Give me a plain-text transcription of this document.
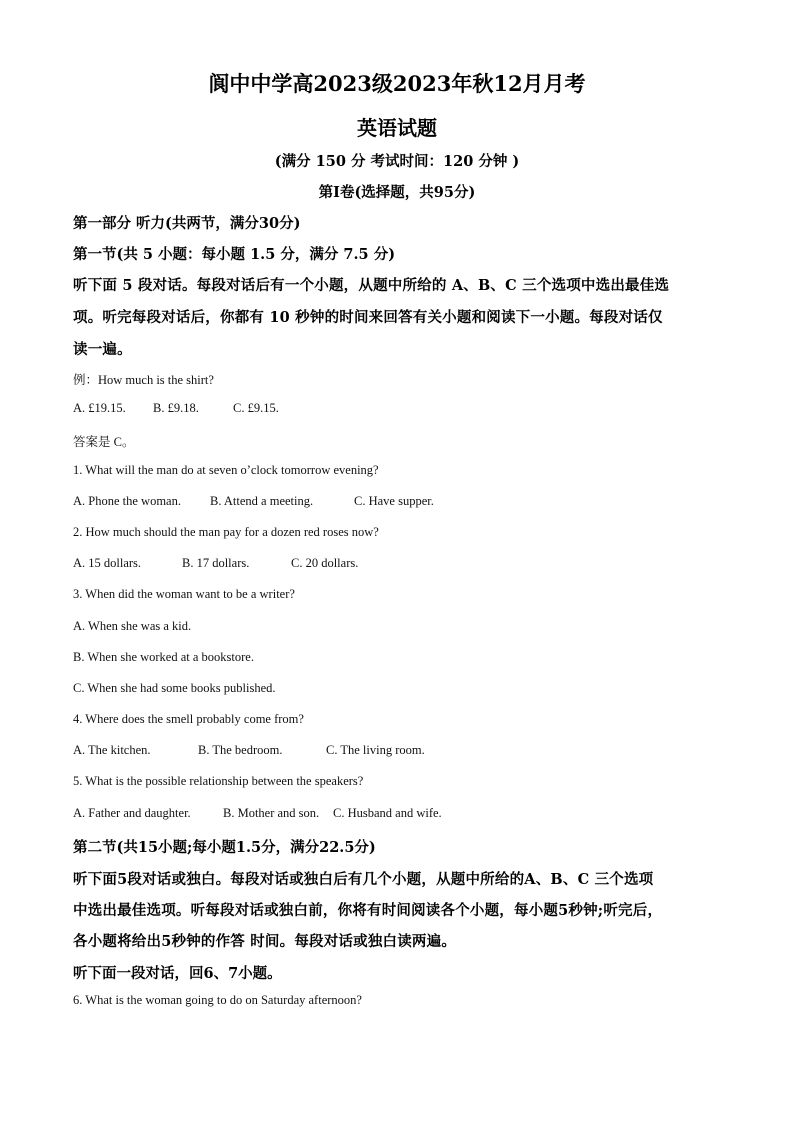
阆中中学高2023级2023年秋12月月考
英语试题
(满分 150 分 考试时间：120 分钟 )
第I卷(选择题，共95分)
第一部分 听力(共两节，满分30分)
第一节(共 5 小题：每小题 1.5 分，满分 7.5 分)
听下面 5 段对话。每段对话后有一个小题，从题中所给的 A、B、C 三个选项中选出最佳选
项。听完每段对话后，你都有 10 秒钟的时间来回答有关小题和阅读下一小题。每段对话仅
读一遍。
例：How much is the shirt?
A. £19.15.	B. £9.18.	C. £9.15.
答案是 C。
1. What will the man do at seven o’clock tomorrow evening?
A. Phone the woman.	B. Attend a meeting.	C. Have supper.
2. How much should the man pay for a dozen red roses now?
A. 15 dollars.	B. 17 dollars.	C. 20 dollars.
3. When did the woman want to be a writer?
A. When she was a kid.
B. When she worked at a bookstore.
C. When she had some books published.
4. Where does the smell probably come from?
A. The kitchen.	B. The bedroom.	C. The living room.
5. What is the possible relationship between the speakers?
A. Father and daughter.	B. Mother and son.	C. Husband and wife.
第二节(共15小题;每小题1.5分，满分22.5分)
听下面5段对话或独白。每段对话或独白后有几个小题，从题中所给的A、B、C 三个选项
中选出最佳选项。听每段对话或独白前，你将有时间阅读各个小题，每小题5秒钟;听完后，
各小题将给出5秒钟的作答 时间。每段对话或独白读两遍。
听下面一段对话，回6、7小题。
6. What is the woman going to do on Saturday afternoon?
